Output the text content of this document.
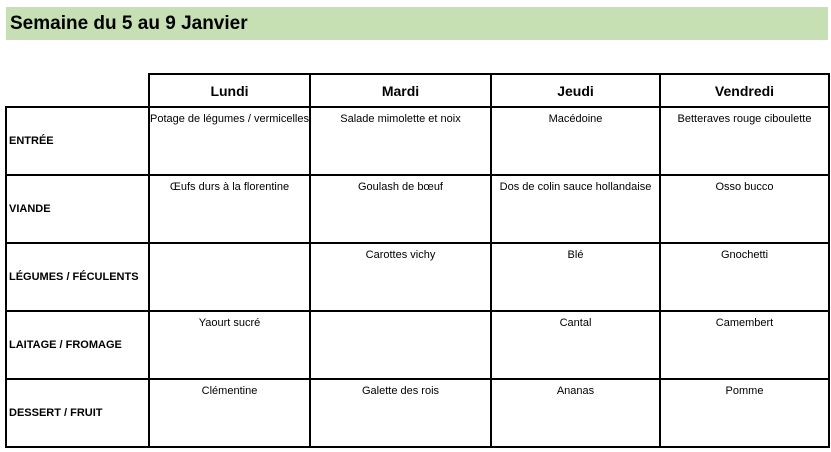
Semaine du 5 au 9 Janvier
	Lundi	Mardi	Jeudi	Vendredi
ENTRÉE	Potage de légumes / vermicelles	Salade mimolette et noix	Macédoine	Betteraves rouge ciboulette
VIANDE	Œufs durs à la florentine	Goulash de bœuf	Dos de colin sauce hollandaise	Osso bucco
LÉGUMES / FÉCULENTS		Carottes vichy	Blé	Gnochetti
LAITAGE / FROMAGE	Yaourt sucré		Cantal	Camembert
DESSERT / FRUIT	Clémentine	Galette des rois	Ananas	Pomme
